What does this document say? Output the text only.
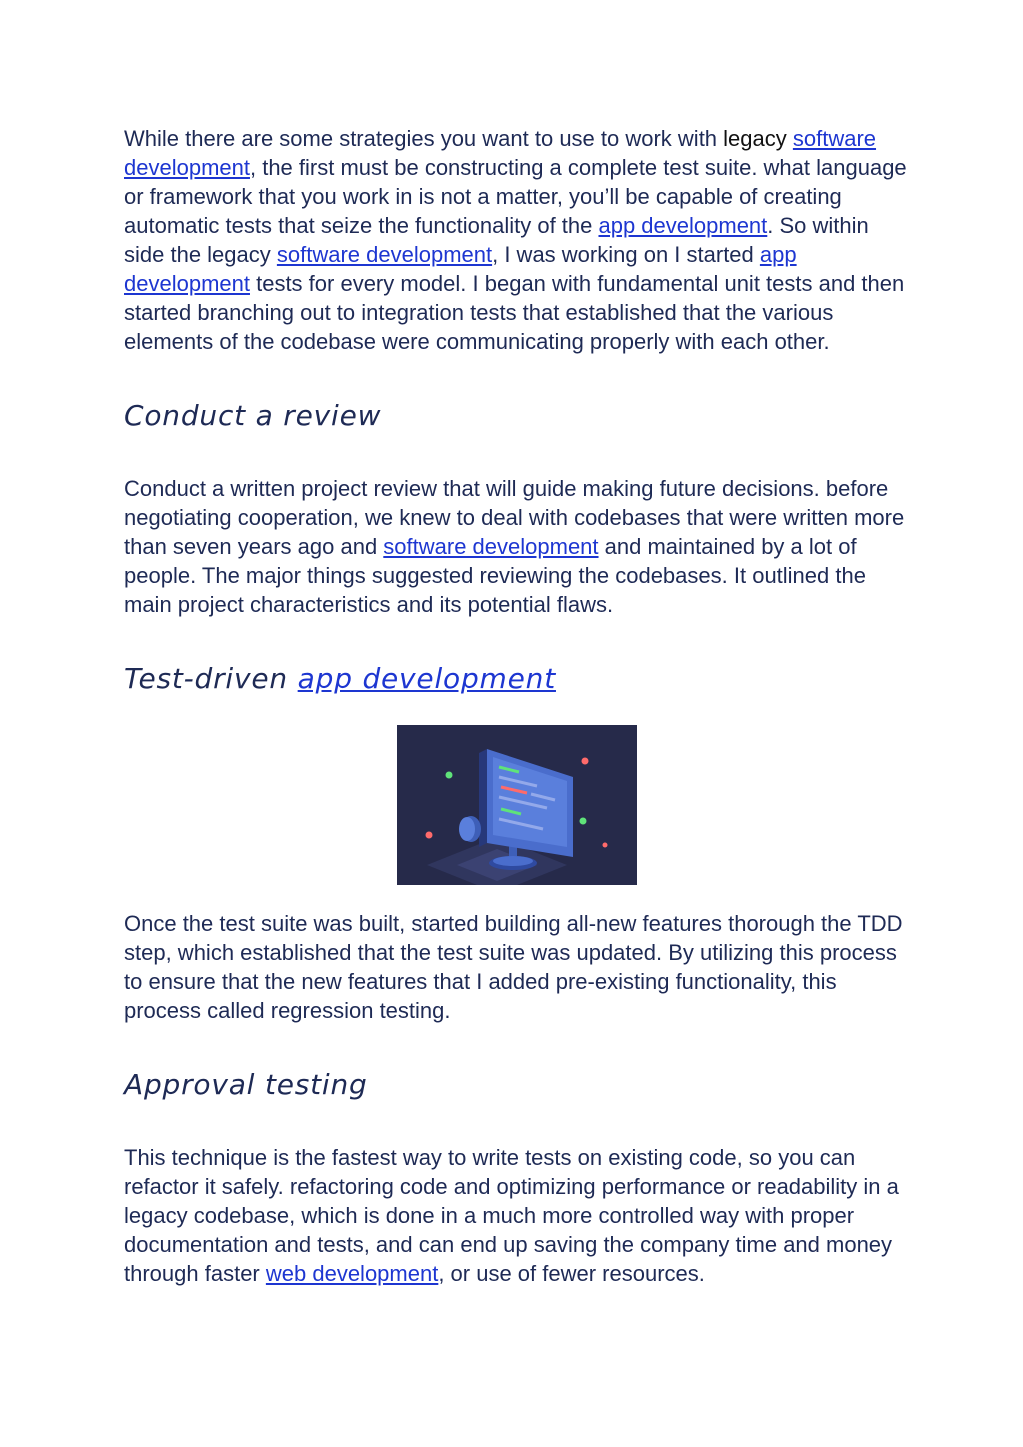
While there are some strategies you want to use to work with legacy software development, the first must be constructing a complete test suite. what language or framework that you work in is not a matter, you’ll be capable of creating automatic tests that seize the functionality of the app development. So within side the legacy software development, I was working on I started app development tests for every model. I began with fundamental unit tests and then started branching out to integration tests that established that the various elements of the codebase were communicating properly with each other.

Conduct a review

Conduct a written project review that will guide making future decisions. before negotiating cooperation, we knew to deal with codebases that were written more than seven years ago and software development and maintained by a lot of people. The major things suggested reviewing the codebases. It outlined the main project characteristics and its potential flaws.

Test-driven app development

Once the test suite was built, started building all-new features thorough the TDD step, which established that the test suite was updated. By utilizing this process to ensure that the new features that I added pre-existing functionality, this process called regression testing.

Approval testing

This technique is the fastest way to write tests on existing code, so you can refactor it safely. refactoring code and optimizing performance or readability in a legacy codebase, which is done in a much more controlled way with proper documentation and tests, and can end up saving the company time and money through faster web development, or use of fewer resources.
